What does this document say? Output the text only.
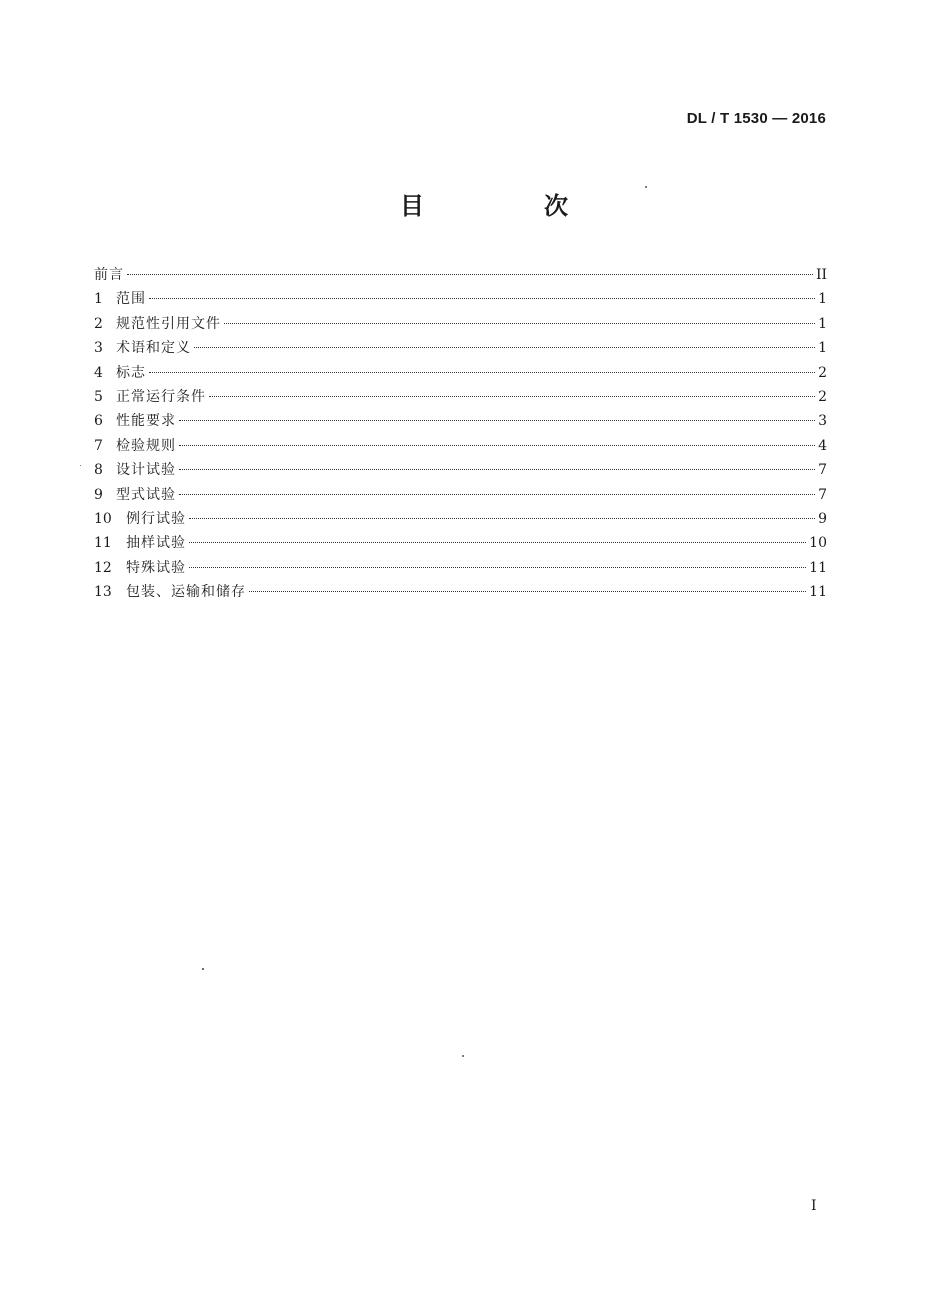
DL / T 1530 — 2016
目　次
前言	II
1 范围	1
2 规范性引用文件	1
3 术语和定义	1
4 标志	2
5 正常运行条件	2
6 性能要求	3
7 检验规则	4
8 设计试验	7
9 型式试验	7
10	例行试验	9
11	抽样试验	10
12	特殊试验	11
13	包装、运输和储存	11
I
